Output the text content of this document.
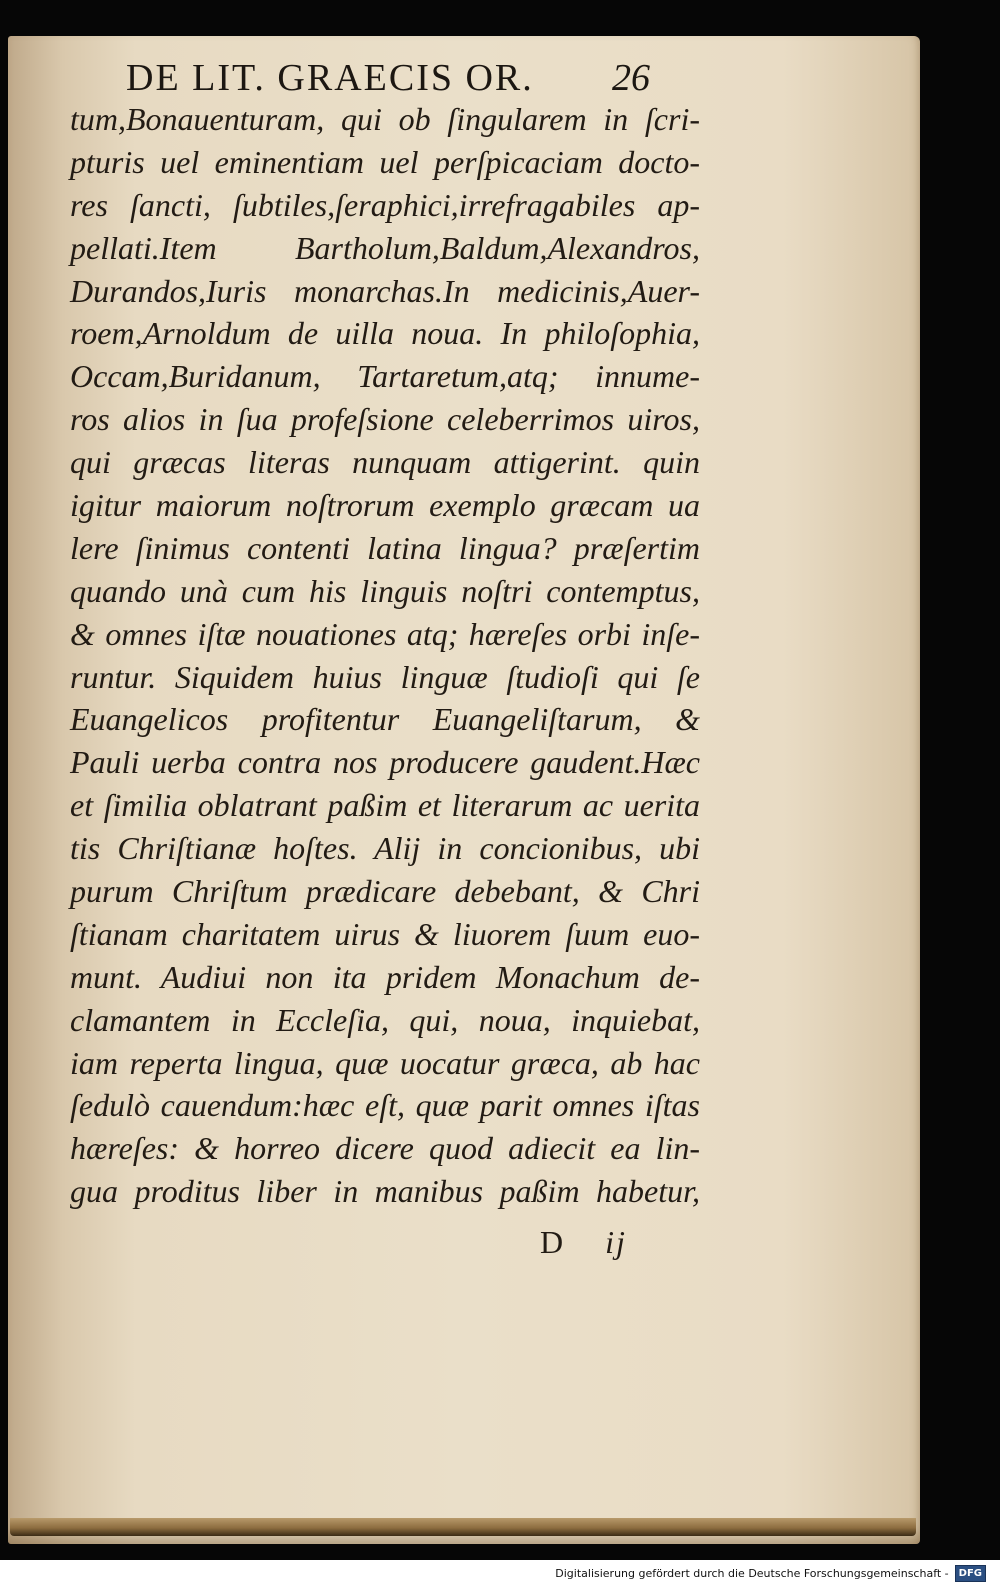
DE LIT. GRAECIS OR. 26
tum,Bonauenturam, qui ob ſingularem in ſcri-
pturis uel eminentiam uel perſpicaciam docto-
res ſancti, ſubtiles,ſeraphici,irrefragabiles ap-
pellati.Item Bartholum,Baldum,Alexandros,
Durandos,Iuris monarchas.In medicinis,Auer-
roem,Arnoldum de uilla noua. In philoſophia,
Occam,Buridanum, Tartaretum,atq; innume-
ros alios in ſua profeſsione celeberrimos uiros,
qui græcas literas nunquam attigerint. quin
igitur maiorum noſtrorum exemplo græcam ua
lere ſinimus contenti latina lingua? præſertim
quando unà cum his linguis noſtri contemptus,
& omnes iſtæ nouationes atq; hæreſes orbi inſe-
runtur. Siquidem huius linguæ ſtudioſi qui ſe
Euangelicos profitentur Euangeliſtarum, &
Pauli uerba contra nos producere gaudent.Hæc
et ſimilia oblatrant paßim et literarum ac uerita
tis Chriſtianæ hoſtes. Alij in concionibus, ubi
purum Chriſtum prædicare debebant, & Chri
ſtianam charitatem uirus & liuorem ſuum euo-
munt. Audiui non ita pridem Monachum de-
clamantem in Eccleſia, qui, noua, inquiebat,
iam reperta lingua, quæ uocatur græca, ab hac
ſedulò cauendum:hæc eſt, quæ parit omnes iſtas
hæreſes: & horreo dicere quod adiecit ea lin-
gua proditus liber in manibus paßim habetur,
D ij
Digitalisierung gefördert durch die Deutsche Forschungsgemeinschaft -	DFG
